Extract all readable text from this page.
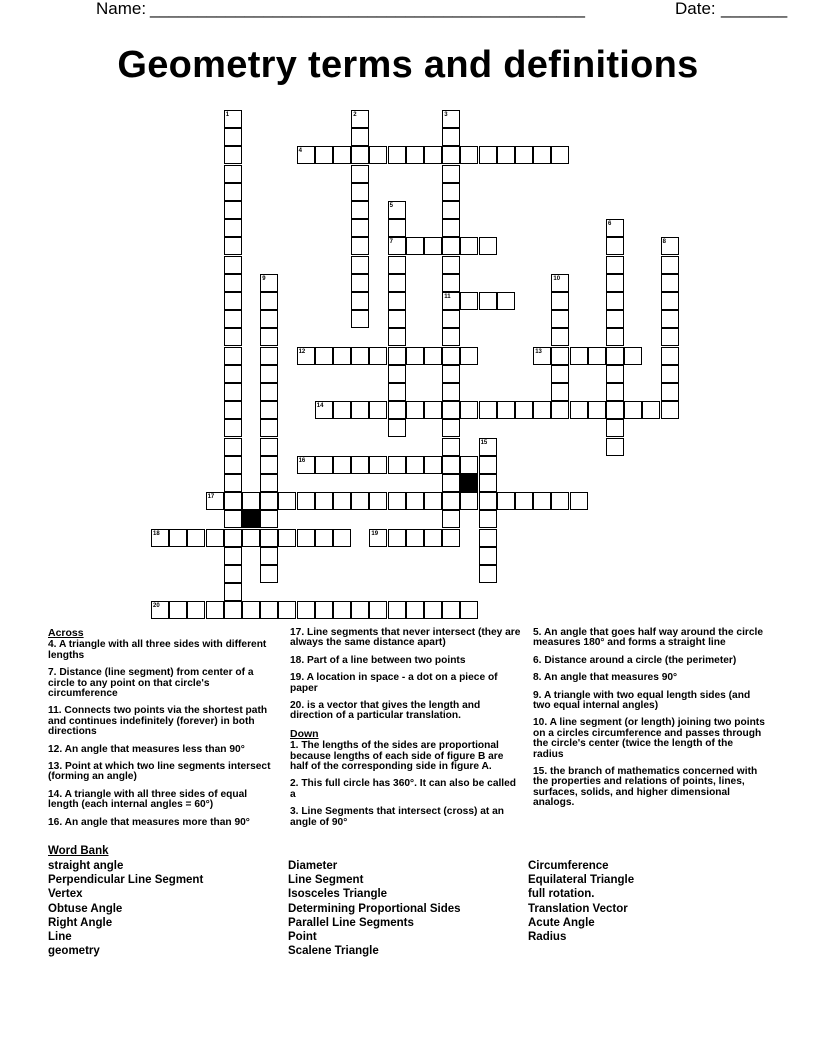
Name: ______________________________________________	Date: _______
Geometry terms and definitions
1	2	3
11
4
5
7
6
8
9	10
12	13
14
15
16
17
18	19
20
Across
4. A triangle with all three sides with different lengths
7. Distance (line segment) from center of a circle to any point on that circle's circumference
11. Connects two points via the shortest path and continues indefinitely (forever) in both directions
12. An angle that measures less than 90°
13. Point at which two line segments intersect (forming an angle)
14. A triangle with all three sides of equal length (each internal angles = 60°)
16. An angle that measures more than 90°
17. Line segments that never intersect (they are always the same distance apart)
18. Part of a line between two points
19. A location in space - a dot on a piece of paper
20. is a vector that gives the length and direction of a particular translation.
Down
1. The lengths of the sides are proportional because lengths of each side of figure B are half of the corresponding side in figure A.
2. This full circle has 360°. It can also be called a
3. Line Segments that intersect (cross) at an angle of 90°
5. An angle that goes half way around the circle measures 180° and forms a straight line
6. Distance around a circle (the perimeter)
8. An angle that measures 90°
9. A triangle with two equal length sides (and two equal internal angles)
10. A line segment (or length) joining two points on a circles circumference and passes through the circle's center (twice the length of the radius
15. the branch of mathematics concerned with the properties and relations of points, lines, surfaces, solids, and higher dimensional analogs.
Word Bank
straight angle
Perpendicular Line Segment
Vertex
Obtuse Angle
Right Angle
Line
geometry
Diameter
Line Segment
Isosceles Triangle
Determining Proportional Sides
Parallel Line Segments
Point
Scalene Triangle
Circumference
Equilateral Triangle
full rotation.
Translation Vector
Acute Angle
Radius
